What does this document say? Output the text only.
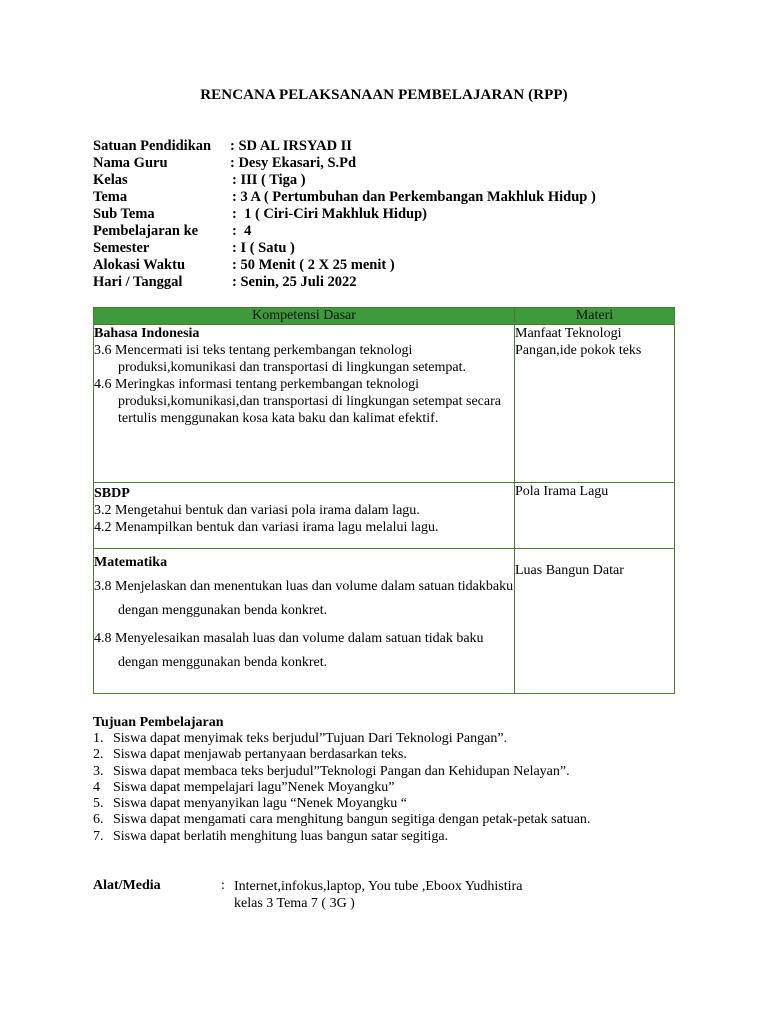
RENCANA PELAKSANAAN PEMBELAJARAN (RPP)
Satuan Pendidikan : SD AL IRSYAD II
Nama Guru	: Desy Ekasari, S.Pd
Kelas	: III ( Tiga )
Tema	: 3 A ( Pertumbuhan dan Perkembangan Makhluk Hidup )
Sub Tema	:  1 ( Ciri-Ciri Makhluk Hidup)
Pembelajaran ke :  4
Semester	: I ( Satu )
Alokasi Waktu	: 50 Menit ( 2 X 25 menit )
Hari / Tanggal	: Senin, 25 Juli 2022
Kompetensi Dasar	Materi

Bahasa Indonesia
3.6 Mencermati isi teks tentang perkembangan teknologi produksi,komunikasi dan transportasi di lingkungan setempat.
4.6 Meringkas informasi tentang perkembangan teknologi produksi,komunikasi,dan transportasi di lingkungan setempat secara tertulis menggunakan kosa kata baku dan kalimat efektif.	Manfaat Teknologi Pangan,ide pokok teks

SBDP
3.2 Mengetahui bentuk dan variasi pola irama dalam lagu.
4.2 Menampilkan bentuk dan variasi irama lagu melalui lagu.	Pola Irama Lagu

Matematika
3.8 Menjelaskan dan menentukan luas dan volume dalam satuan tidakbaku dengan menggunakan benda konkret.
4.8 Menyelesaikan masalah luas dan volume dalam satuan tidak baku dengan menggunakan benda konkret.	Luas Bangun Datar
Tujuan Pembelajaran
1. Siswa dapat menyimak teks berjudul”Tujuan Dari Teknologi Pangan”.
2. Siswa dapat menjawab pertanyaan berdasarkan teks.
3. Siswa dapat membaca teks berjudul”Teknologi Pangan dan Kehidupan Nelayan”.
4 Siswa dapat mempelajari lagu”Nenek Moyangku”
5. Siswa dapat menyanyikan lagu “Nenek Moyangku “
6. Siswa dapat mengamati cara menghitung bangun segitiga dengan petak-petak satuan.
7. Siswa dapat berlatih menghitung luas bangun satar segitiga.
Alat/Media	: Internet,infokus,laptop, You tube ,Eboox Yudhistira kelas 3 Tema 7 ( 3G )
